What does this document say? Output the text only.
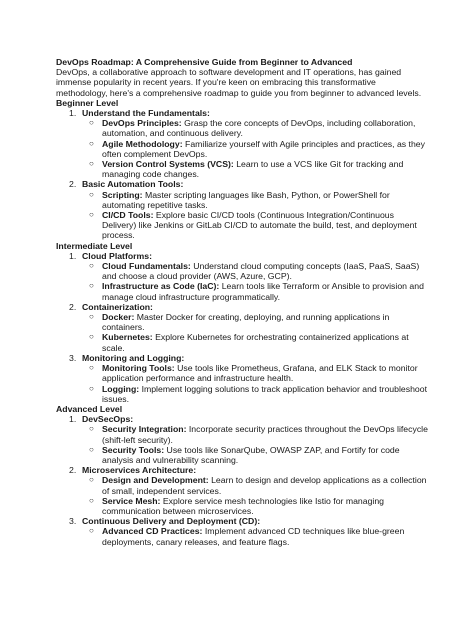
DevOps Roadmap: A Comprehensive Guide from Beginner to Advanced

DevOps, a collaborative approach to software development and IT operations, has gained immense popularity in recent years. If you're keen on embracing this transformative methodology, here's a comprehensive roadmap to guide you from beginner to advanced levels.

Beginner Level

1. Understand the Fundamentals:
○ DevOps Principles: Grasp the core concepts of DevOps, including collaboration, automation, and continuous delivery.
○ Agile Methodology: Familiarize yourself with Agile principles and practices, as they often complement DevOps.
○ Version Control Systems (VCS): Learn to use a VCS like Git for tracking and managing code changes.
2. Basic Automation Tools:
○ Scripting: Master scripting languages like Bash, Python, or PowerShell for automating repetitive tasks.
○ CI/CD Tools: Explore basic CI/CD tools (Continuous Integration/Continuous Delivery) like Jenkins or GitLab CI/CD to automate the build, test, and deployment process.

Intermediate Level

1. Cloud Platforms:
○ Cloud Fundamentals: Understand cloud computing concepts (IaaS, PaaS, SaaS) and choose a cloud provider (AWS, Azure, GCP).
○ Infrastructure as Code (IaC): Learn tools like Terraform or Ansible to provision and manage cloud infrastructure programmatically.
2. Containerization:
○ Docker: Master Docker for creating, deploying, and running applications in containers.
○ Kubernetes: Explore Kubernetes for orchestrating containerized applications at scale.
3. Monitoring and Logging:
○ Monitoring Tools: Use tools like Prometheus, Grafana, and ELK Stack to monitor application performance and infrastructure health.
○ Logging: Implement logging solutions to track application behavior and troubleshoot issues.

Advanced Level

1. DevSecOps:
○ Security Integration: Incorporate security practices throughout the DevOps lifecycle (shift-left security).
○ Security Tools: Use tools like SonarQube, OWASP ZAP, and Fortify for code analysis and vulnerability scanning.
2. Microservices Architecture:
○ Design and Development: Learn to design and develop applications as a collection of small, independent services.
○ Service Mesh: Explore service mesh technologies like Istio for managing communication between microservices.
3. Continuous Delivery and Deployment (CD):
○ Advanced CD Practices: Implement advanced CD techniques like blue-green deployments, canary releases, and feature flags.
